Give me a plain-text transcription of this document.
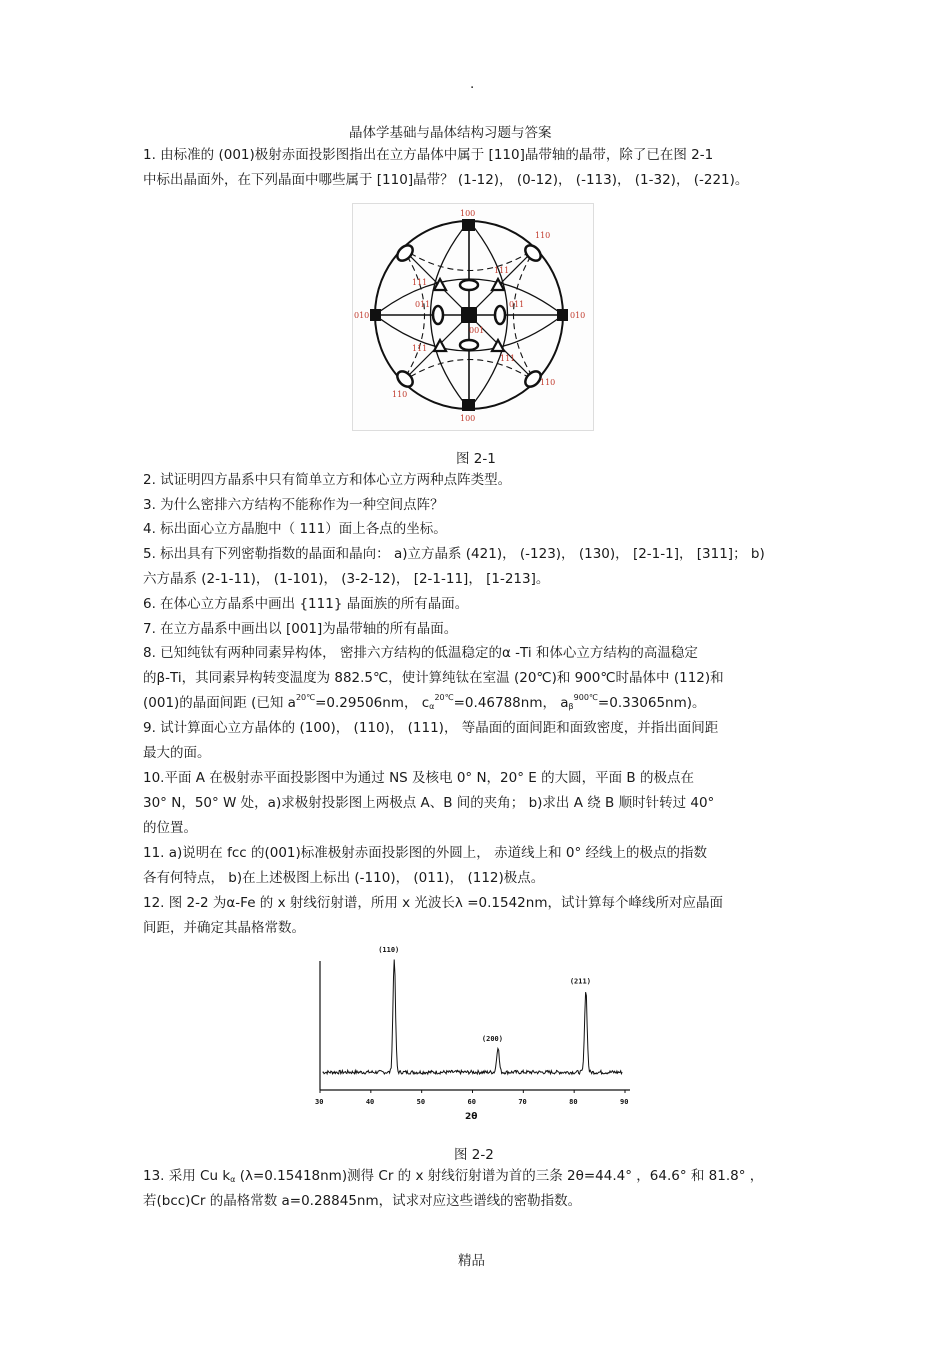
.
晶体学基础与晶体结构习题与答案
1. 由标准的 (001)极射赤面投影图指出在立方晶体中属于 [110]晶带轴的晶带，除了已在图 2-1
中标出晶面外，在下列晶面中哪些属于 [110]晶带？ (1-12)， (0-12)， (-113)， (1-32)， (-221)。
100
100
010	010
110
110
110
111
111
111
111
011	011
001
图 2-1
2. 试证明四方晶系中只有简单立方和体心立方两种点阵类型。
3. 为什么密排六方结构不能称作为一种空间点阵？
4. 标出面心立方晶胞中（ 111）面上各点的坐标。
5. 标出具有下列密勒指数的晶面和晶向： a)立方晶系 (421)， (-123)， (130)， [2-1-1]， [311]； b)
六方晶系 (2-1-11)， (1-101)， (3-2-12)， [2-1-11]， [1-213]。
6. 在体心立方晶系中画出 {111} 晶面族的所有晶面。
7. 在立方晶系中画出以 [001]为晶带轴的所有晶面。
8. 已知纯钛有两种同素异构体， 密排六方结构的低温稳定的α -Ti 和体心立方结构的高温稳定
的β-Ti，其同素异构转变温度为 882.5℃，使计算纯钛在室温 (20℃)和 900℃时晶体中 (112)和
(001)的晶面间距 (已知 $a^{20℃}=0.29506nm$， $c_\alpha^{20℃}=0.46788nm$， $a_\beta^{900℃}=0.33065nm$)。
9. 试计算面心立方晶体的 (100)， (110)， (111)， 等晶面的面间距和面致密度，并指出面间距
最大的面。
10.平面 A 在极射赤平面投影图中为通过 NS 及核电 0° N，20° E 的大圆，平面 B 的极点在
30° N，50° W 处，a)求极射投影图上两极点 A、B 间的夹角； b)求出 A 绕 B 顺时针转过 40°
的位置。
11. a)说明在 fcc 的(001)标准极射赤面投影图的外圆上， 赤道线上和 0° 经线上的极点的指数
各有何特点， b)在上述极图上标出 (-110)， (011)， (112)极点。
12. 图 2-2 为α-Fe 的 x 射线衍射谱，所用 x 光波长λ =0.1542nm，试计算每个峰线所对应晶面
间距，并确定其晶格常数。
30	40	50	60	70	80	90
(110)
(200)
(211)
2θ
图 2-2
13. 采用 Cu $k_\alpha$ (λ=0.15418nm)测得 Cr 的 x 射线衍射谱为首的三条 2θ=44.4° ，64.6° 和 81.8° ，
若(bcc)Cr 的晶格常数 a=0.28845nm，试求对应这些谱线的密勒指数。
精品
